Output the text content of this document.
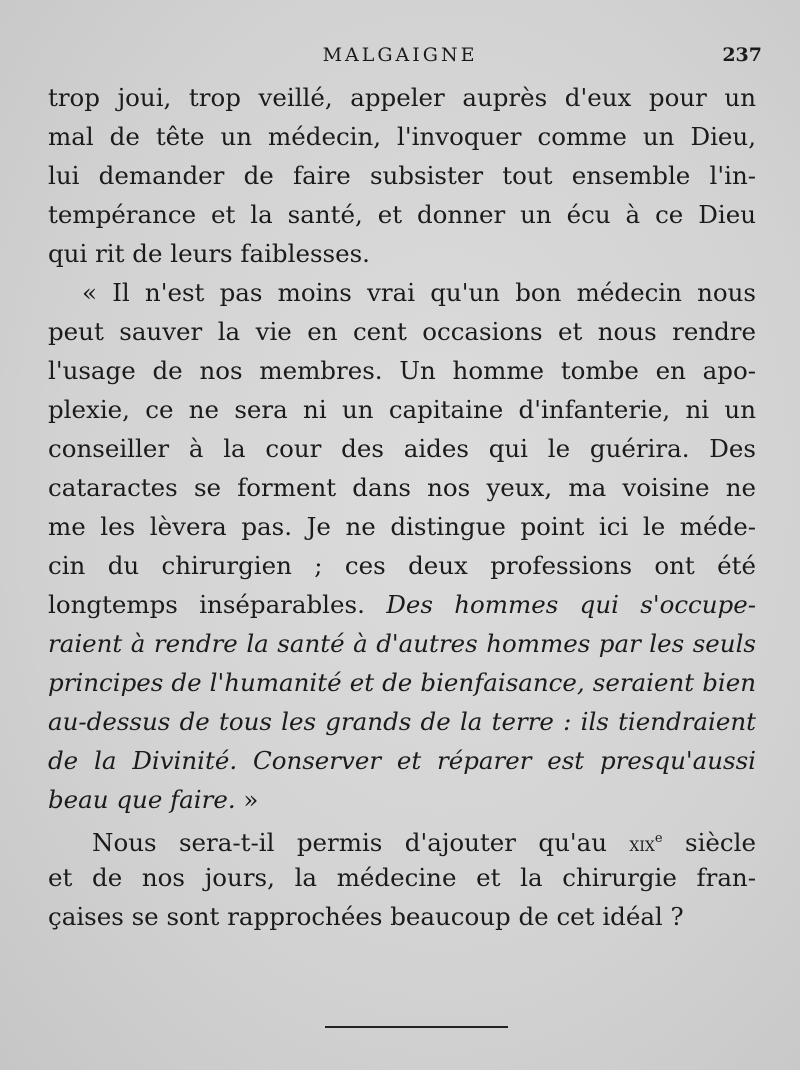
MALGAIGNE	237
trop joui, trop veillé, appeler auprès d'eux pour un
mal de tête un médecin, l'invoquer comme un Dieu,
lui demander de faire subsister tout ensemble l'in-
tempérance et la santé, et donner un écu à ce Dieu
qui rit de leurs faiblesses.
« Il n'est pas moins vrai qu'un bon médecin nous
peut sauver la vie en cent occasions et nous rendre
l'usage de nos membres. Un homme tombe en apo-
plexie, ce ne sera ni un capitaine d'infanterie, ni un
conseiller à la cour des aides qui le guérira. Des
cataractes se forment dans nos yeux, ma voisine ne
me les lèvera pas. Je ne distingue point ici le méde-
cin du chirurgien ; ces deux professions ont été
longtemps inséparables. Des hommes qui s'occupe-
raient à rendre la santé à d'autres hommes par les seuls
principes de l'humanité et de bienfaisance, seraient bien
au-dessus de tous les grands de la terre : ils tiendraient
de la Divinité. Conserver et réparer est presqu'aussi
beau que faire. »
Nous sera-t-il permis d'ajouter qu'au xix$^e$ siècle
et de nos jours, la médecine et la chirurgie fran-
çaises se sont rapprochées beaucoup de cet idéal ?
